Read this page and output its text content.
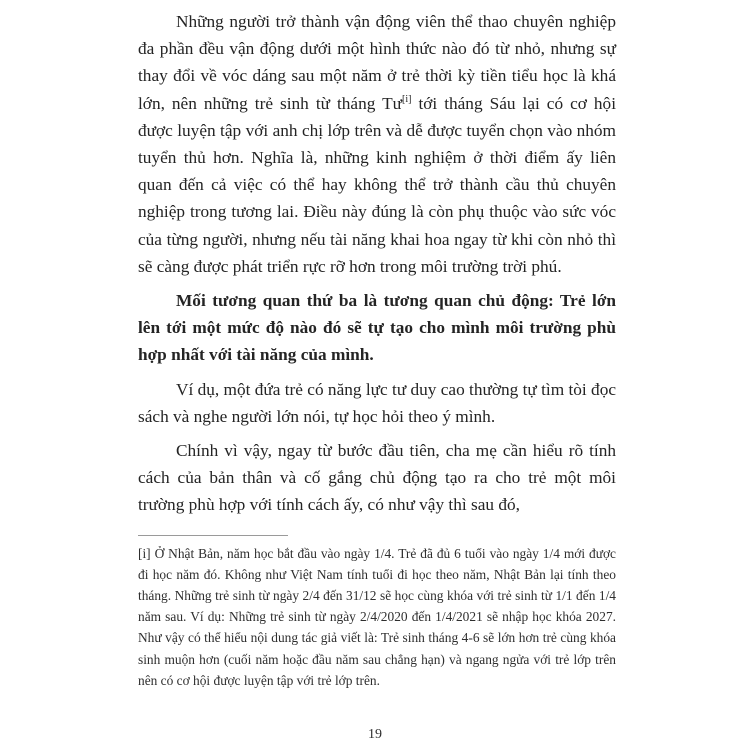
Những người trở thành vận động viên thể thao chuyên nghiệp đa phần đều vận động dưới một hình thức nào đó từ nhỏ, nhưng sự thay đổi về vóc dáng sau một năm ở trẻ thời kỳ tiền tiểu học là khá lớn, nên những trẻ sinh từ tháng Tư[i] tới tháng Sáu lại có cơ hội được luyện tập với anh chị lớp trên và dễ được tuyển chọn vào nhóm tuyển thủ hơn. Nghĩa là, những kinh nghiệm ở thời điểm ấy liên quan đến cả việc có thể hay không thể trở thành cầu thủ chuyên nghiệp trong tương lai. Điều này đúng là còn phụ thuộc vào sức vóc của từng người, nhưng nếu tài năng khai hoa ngay từ khi còn nhỏ thì sẽ càng được phát triển rực rỡ hơn trong môi trường trời phú.

Mối tương quan thứ ba là tương quan chủ động: Trẻ lớn lên tới một mức độ nào đó sẽ tự tạo cho mình môi trường phù hợp nhất với tài năng của mình.

Ví dụ, một đứa trẻ có năng lực tư duy cao thường tự tìm tòi đọc sách và nghe người lớn nói, tự học hỏi theo ý mình.

Chính vì vậy, ngay từ bước đầu tiên, cha mẹ cần hiểu rõ tính cách của bản thân và cố gắng chủ động tạo ra cho trẻ một môi trường phù hợp với tính cách ấy, có như vậy thì sau đó,

[i] Ở Nhật Bản, năm học bắt đầu vào ngày 1/4. Trẻ đã đủ 6 tuổi vào ngày 1/4 mới được đi học năm đó. Không như Việt Nam tính tuổi đi học theo năm, Nhật Bản lại tính theo tháng. Những trẻ sinh từ ngày 2/4 đến 31/12 sẽ học cùng khóa với trẻ sinh từ 1/1 đến 1/4 năm sau. Ví dụ: Những trẻ sinh từ ngày 2/4/2020 đến 1/4/2021 sẽ nhập học khóa 2027. Như vậy có thể hiểu nội dung tác giả viết là: Trẻ sinh tháng 4-6 sẽ lớn hơn trẻ cùng khóa sinh muộn hơn (cuối năm hoặc đầu năm sau chẳng hạn) và ngang ngửa với trẻ lớp trên nên có cơ hội được luyện tập với trẻ lớp trên.

19
